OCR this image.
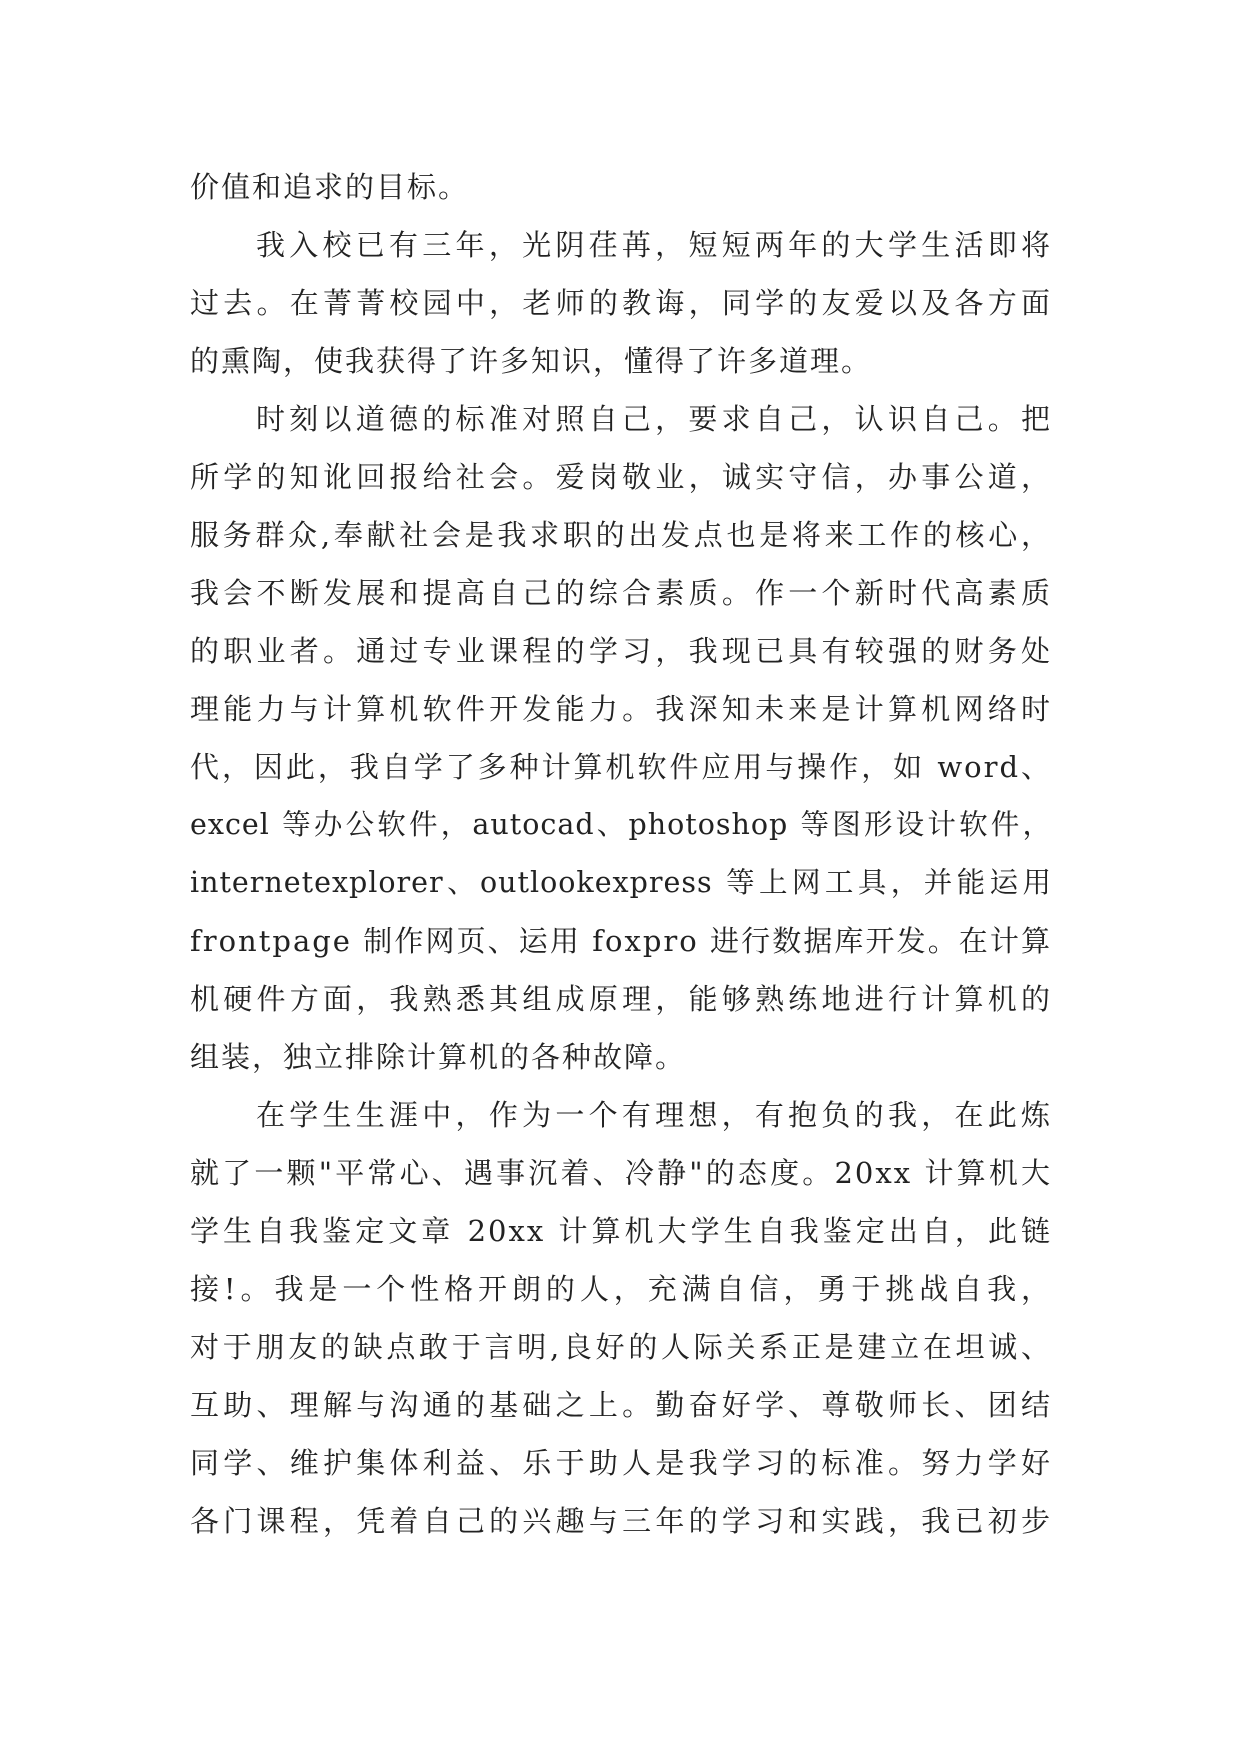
价值和追求的目标。
我入校已有三年，光阴荏苒，短短两年的大学生活即将
过去。在菁菁校园中，老师的教诲，同学的友爱以及各方面
的熏陶，使我获得了许多知识，懂得了许多道理。
时刻以道德的标准对照自己，要求自己，认识自己。把
所学的知讹回报给社会。爱岗敬业，诚实守信，办事公道，
服务群众,奉献社会是我求职的出发点也是将来工作的核心，
我会不断发展和提高自己的综合素质。作一个新时代高素质
的职业者。通过专业课程的学习，我现已具有较强的财务处
理能力与计算机软件开发能力。我深知未来是计算机网络时
代，因此，我自学了多种计算机软件应用与操作，如 word、
excel 等办公软件，autocad、photoshop 等图形设计软件，
internetexplorer、outlookexpress 等上网工具，并能运用
frontpage 制作网页、运用 foxpro 进行数据库开发。在计算
机硬件方面，我熟悉其组成原理，能够熟练地进行计算机的
组装，独立排除计算机的各种故障。
在学生生涯中，作为一个有理想，有抱负的我，在此炼
就了一颗"平常心、遇事沉着、冷静"的态度。20xx 计算机大
学生自我鉴定文章 20xx 计算机大学生自我鉴定出自，此链
接!。我是一个性格开朗的人，充满自信，勇于挑战自我，
对于朋友的缺点敢于言明,良好的人际关系正是建立在坦诚、
互助、理解与沟通的基础之上。勤奋好学、尊敬师长、团结
同学、维护集体利益、乐于助人是我学习的标准。努力学好
各门课程，凭着自己的兴趣与三年的学习和实践，我已初步
